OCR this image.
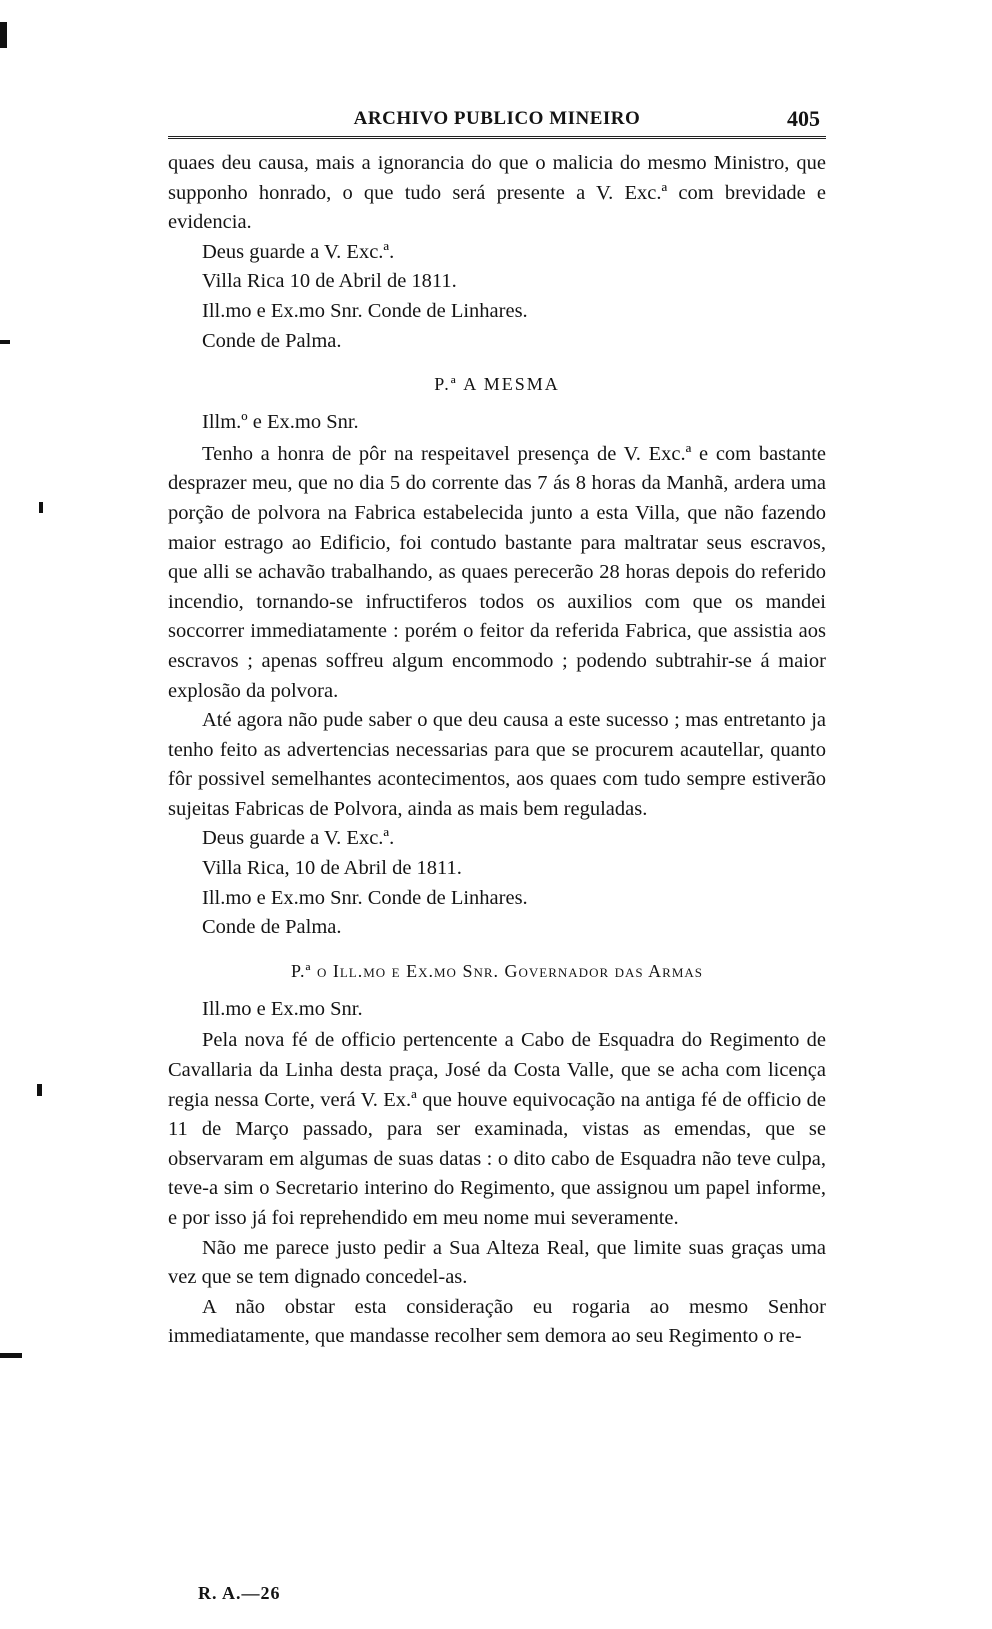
ARCHIVO PUBLICO MINEIRO	405

quaes deu causa, mais a ignorancia do que o malicia do mesmo Ministro, que supponho honrado, o que tudo será presente a V. Exc.ª com brevidade e evidencia.

Deus guarde a V. Exc.ª.
Villa Rica 10 de Abril de 1811.
Ill.mo e Ex.mo Snr. Conde de Linhares.
Conde de Palma.
P.ª A MESMA
Illm.º e Ex.mo Snr.

Tenho a honra de pôr na respeitavel presença de V. Exc.ª e com bastante desprazer meu, que no dia 5 do corrente das 7 ás 8 horas da Manhã, ardera uma porção de polvora na Fabrica estabelecida junto a esta Villa, que não fazendo maior estrago ao Edificio, foi contudo bastante para maltratar seus escravos, que alli se achavão trabalhando, as quaes perecerão 28 horas depois do referido incendio, tornando-se infructiferos todos os auxilios com que os mandei soccorrer immediatamente : porém o feitor da referida Fabrica, que assistia aos escravos ; apenas soffreu algum encommodo ; podendo subtrahir-se á maior explosão da polvora.

Até agora não pude saber o que deu causa a este sucesso ; mas entretanto ja tenho feito as advertencias necessarias para que se procurem acautellar, quanto fôr possivel semelhantes acontecimentos, aos quaes com tudo sempre estiverão sujeitas Fabricas de Polvora, ainda as mais bem reguladas.

Deus guarde a V. Exc.ª.
Villa Rica, 10 de Abril de 1811.
Ill.mo e Ex.mo Snr. Conde de Linhares.
Conde de Palma.
P.ª o Ill.mo e Ex.mo Snr. Governador das Armas
Ill.mo e Ex.mo Snr.

Pela nova fé de officio pertencente a Cabo de Esquadra do Regimento de Cavallaria da Linha desta praça, José da Costa Valle, que se acha com licença regia nessa Corte, verá V. Ex.ª que houve equivocação na antiga fé de officio de 11 de Março passado, para ser examinada, vistas as emendas, que se observaram em algumas de suas datas : o dito cabo de Esquadra não teve culpa, teve-a sim o Secretario interino do Regimento, que assignou um papel informe, e por isso já foi reprehendido em meu nome mui severamente.

Não me parece justo pedir a Sua Alteza Real, que limite suas graças uma vez que se tem dignado concedel-as.

A não obstar esta consideração eu rogaria ao mesmo Senhor immediatamente, que mandasse recolher sem demora ao seu Regimento o re-

R. A.—26
